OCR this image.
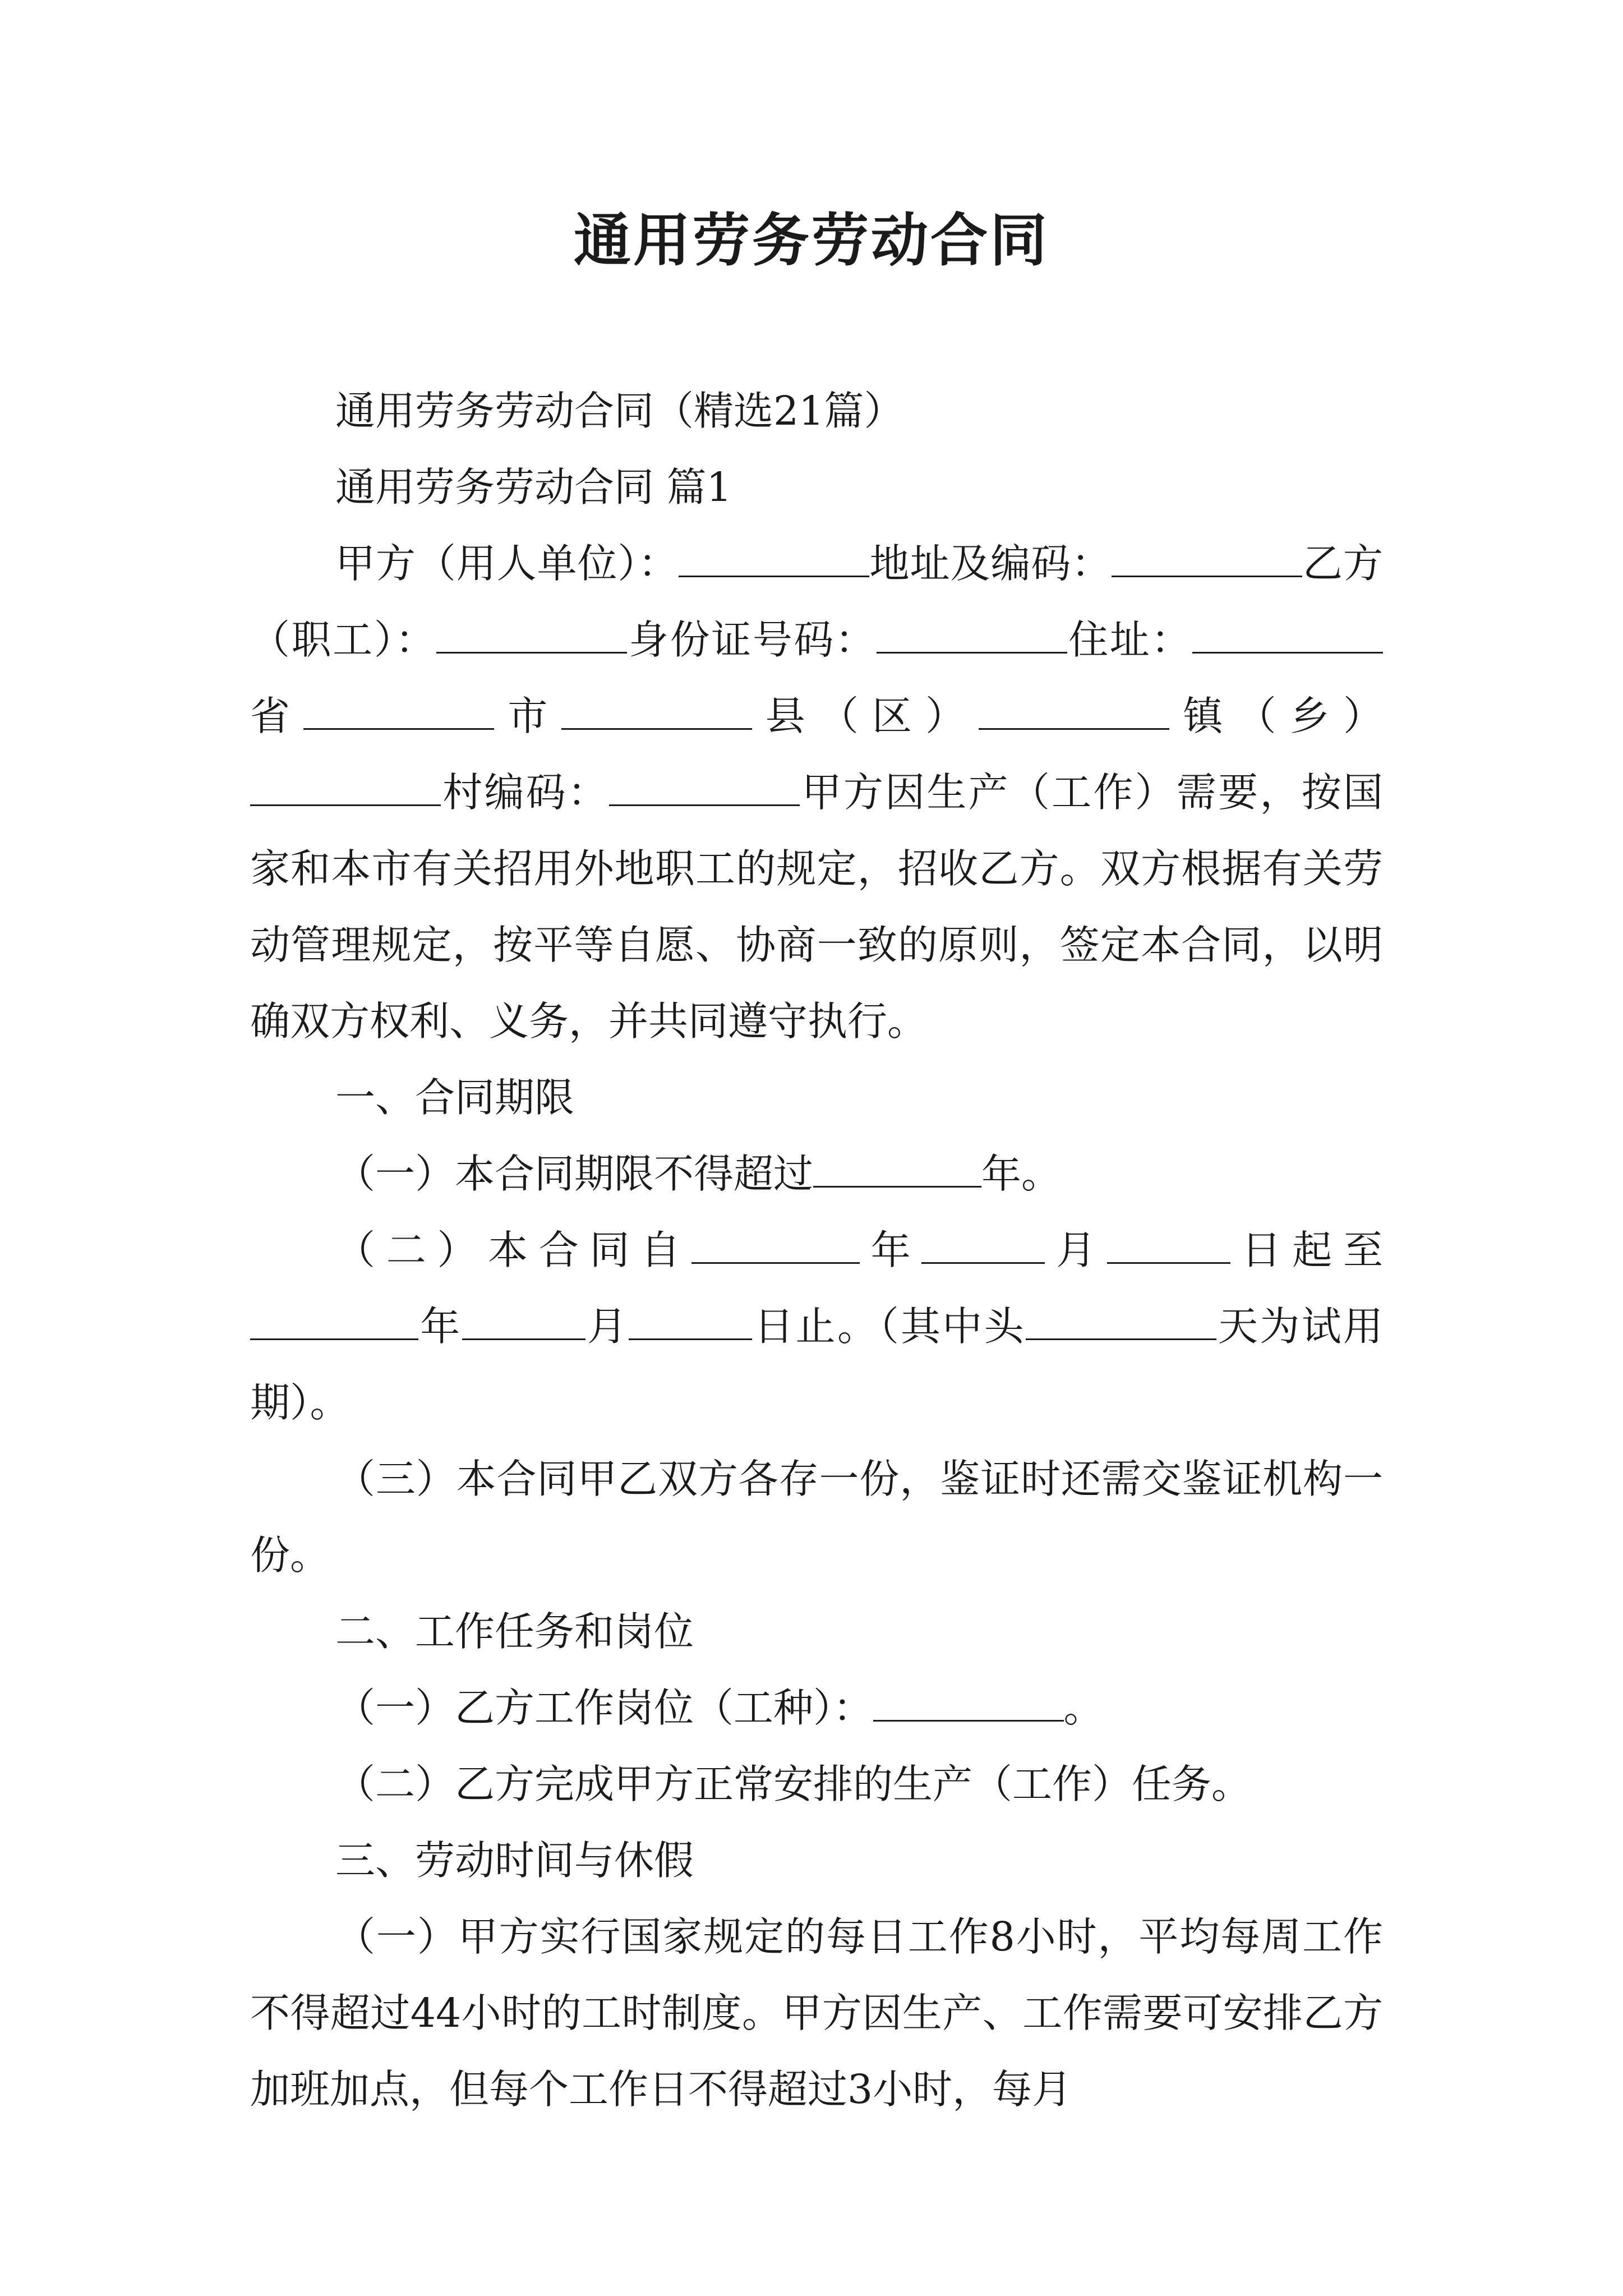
通用劳务劳动合同

通用劳务劳动合同（精选21篇）

通用劳务劳动合同 篇1

甲方（用人单位）：	地址及编码：	乙方（职工）：	身份证号码：	住址：省	市	县（区）	镇（乡）村编码：	甲方因生产（工作）需要，按国家和本市有关招用外地职工的规定，招收乙方。双方根据有关劳动管理规定，按平等自愿、协商一致的原则，签定本合同，以明确双方权利、义务，并共同遵守执行。

一、合同期限

（一）本合同期限不得超过	年。

（二）本合同自	年	月	日起至年	月	日止。（其中头	天为试用期）。

（三）本合同甲乙双方各存一份，鉴证时还需交鉴证机构一份。

二、工作任务和岗位

（一）乙方工作岗位（工种）：	。

（二）乙方完成甲方正常安排的生产（工作）任务。

三、劳动时间与休假

（一）甲方实行国家规定的每日工作8小时，平均每周工作不得超过44小时的工时制度。甲方因生产、工作需要可安排乙方加班加点，但每个工作日不得超过3小时，每月
